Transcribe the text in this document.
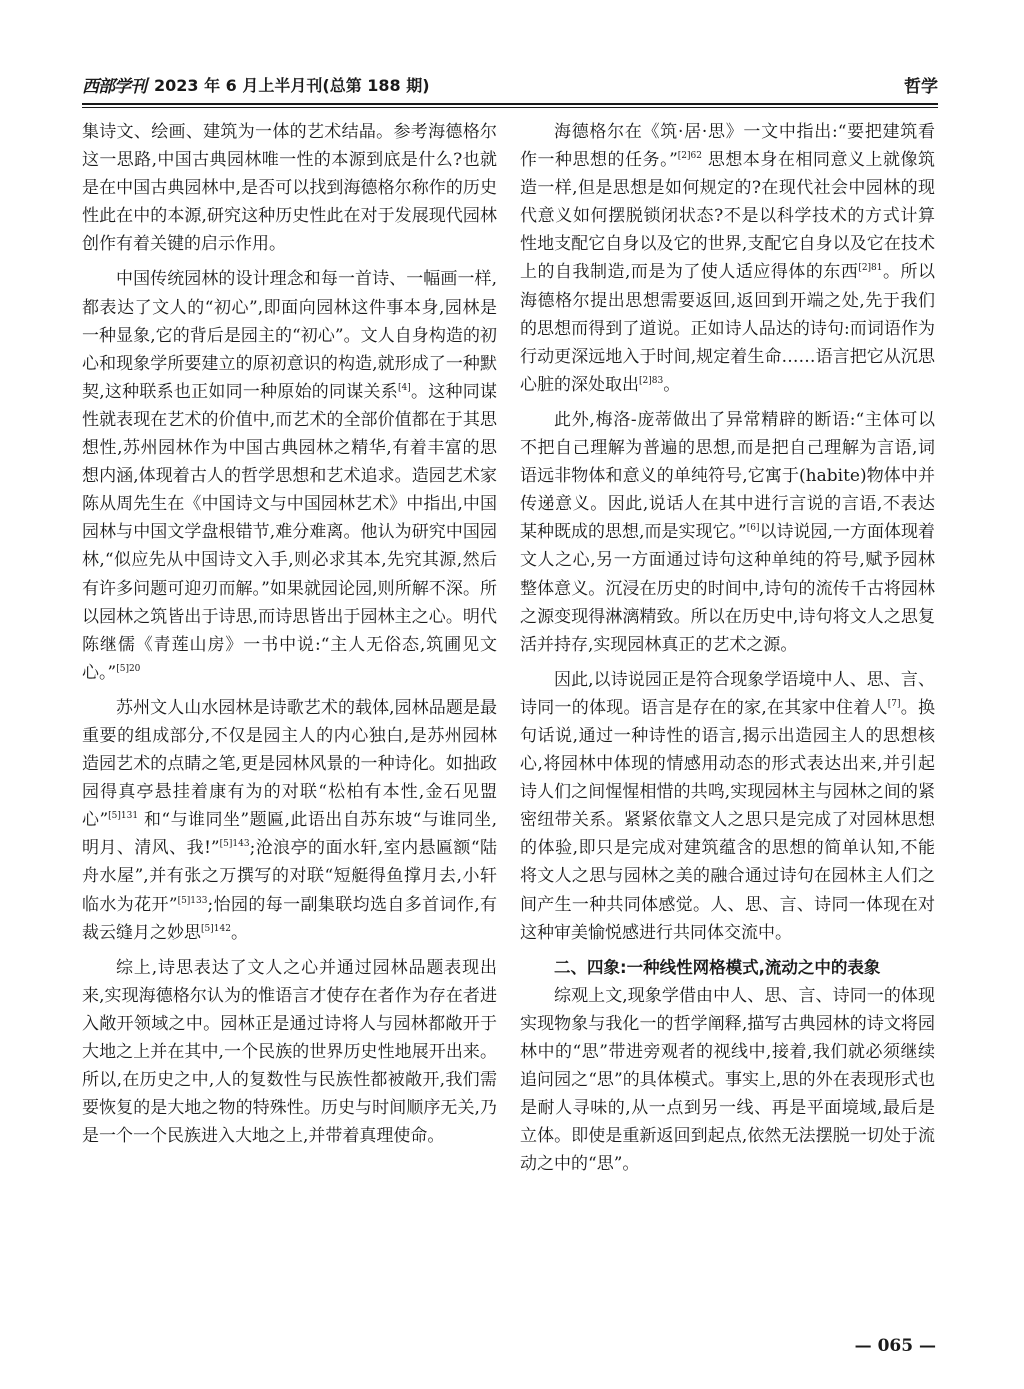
西部学刊 2023 年 6 月上半月刊(总第 188 期)	哲学

集诗文、绘画、建筑为一体的艺术结晶。参考海德格尔这一思路,中国古典园林唯一性的本源到底是什么?也就是在中国古典园林中,是否可以找到海德格尔称作的历史性此在中的本源,研究这种历史性此在对于发展现代园林创作有着关键的启示作用。

中国传统园林的设计理念和每一首诗、一幅画一样,都表达了文人的“初心”,即面向园林这件事本身,园林是一种显象,它的背后是园主的“初心”。文人自身构造的初心和现象学所要建立的原初意识的构造,就形成了一种默契,这种联系也正如同一种原始的同谋关系[4]。这种同谋性就表现在艺术的价值中,而艺术的全部价值都在于其思想性,苏州园林作为中国古典园林之精华,有着丰富的思想内涵,体现着古人的哲学思想和艺术追求。造园艺术家陈从周先生在《中国诗文与中国园林艺术》中指出,中国园林与中国文学盘根错节,难分难离。他认为研究中国园林,“似应先从中国诗文入手,则必求其本,先究其源,然后有许多问题可迎刃而解。”如果就园论园,则所解不深。所以园林之筑皆出于诗思,而诗思皆出于园林主之心。明代陈继儒《青莲山房》一书中说:“主人无俗态,筑圃见文心。”$^{[5]20}$

苏州文人山水园林是诗歌艺术的载体,园林品题是最重要的组成部分,不仅是园主人的内心独白,是苏州园林造园艺术的点睛之笔,更是园林风景的一种诗化。如拙政园得真亭悬挂着康有为的对联“松柏有本性,金石见盟心”$^{[5]131}$ 和“与谁同坐”题匾,此语出自苏东坡“与谁同坐,明月、清风、我!”$^{[5]143}$;沧浪亭的面水轩,室内悬匾额“陆舟水屋”,并有张之万撰写的对联“短艇得鱼撑月去,小轩临水为花开”$^{[5]133}$;怡园的每一副集联均选自多首词作,有裁云缝月之妙思$^{[5]142}$。

综上,诗思表达了文人之心并通过园林品题表现出来,实现海德格尔认为的惟语言才使存在者作为存在者进入敞开领域之中。园林正是通过诗将人与园林都敞开于大地之上并在其中,一个民族的世界历史性地展开出来。所以,在历史之中,人的复数性与民族性都被敞开,我们需要恢复的是大地之物的特殊性。历史与时间顺序无关,乃是一个一个民族进入大地之上,并带着真理使命。

海德格尔在《筑·居·思》一文中指出:“要把建筑看作一种思想的任务。”$^{[2]62}$ 思想本身在相同意义上就像筑造一样,但是思想是如何规定的?在现代社会中园林的现代意义如何摆脱锁闭状态?不是以科学技术的方式计算性地支配它自身以及它的世界,支配它自身以及它在技术上的自我制造,而是为了使人适应得体的东西$^{[2]81}$。所以海德格尔提出思想需要返回,返回到开端之处,先于我们的思想而得到了道说。正如诗人品达的诗句:而词语作为行动更深远地入于时间,规定着生命……语言把它从沉思心脏的深处取出$^{[2]83}$。

此外,梅洛-庞蒂做出了异常精辟的断语:“主体可以不把自己理解为普遍的思想,而是把自己理解为言语,词语远非物体和意义的单纯符号,它寓于(habite)物体中并传递意义。因此,说话人在其中进行言说的言语,不表达某种既成的思想,而是实现它。”[6]以诗说园,一方面体现着文人之心,另一方面通过诗句这种单纯的符号,赋予园林整体意义。沉浸在历史的时间中,诗句的流传千古将园林之源变现得淋漓精致。所以在历史中,诗句将文人之思复活并持存,实现园林真正的艺术之源。

因此,以诗说园正是符合现象学语境中人、思、言、诗同一的体现。语言是存在的家,在其家中住着人[7]。换句话说,通过一种诗性的语言,揭示出造园主人的思想核心,将园林中体现的情感用动态的形式表达出来,并引起诗人们之间惺惺相惜的共鸣,实现园林主与园林之间的紧密纽带关系。紧紧依靠文人之思只是完成了对园林思想的体验,即只是完成对建筑蕴含的思想的简单认知,不能将文人之思与园林之美的融合通过诗句在园林主人们之间产生一种共同体感觉。人、思、言、诗同一体现在对这种审美愉悦感进行共同体交流中。

二、四象:一种线性网格模式,流动之中的表象

综观上文,现象学借由中人、思、言、诗同一的体现实现物象与我化一的哲学阐释,描写古典园林的诗文将园林中的“思”带进旁观者的视线中,接着,我们就必须继续追问园之“思”的具体模式。事实上,思的外在表现形式也是耐人寻味的,从一点到另一线、再是平面境域,最后是立体。即使是重新返回到起点,依然无法摆脱一切处于流动之中的“思”。

— 065 —
